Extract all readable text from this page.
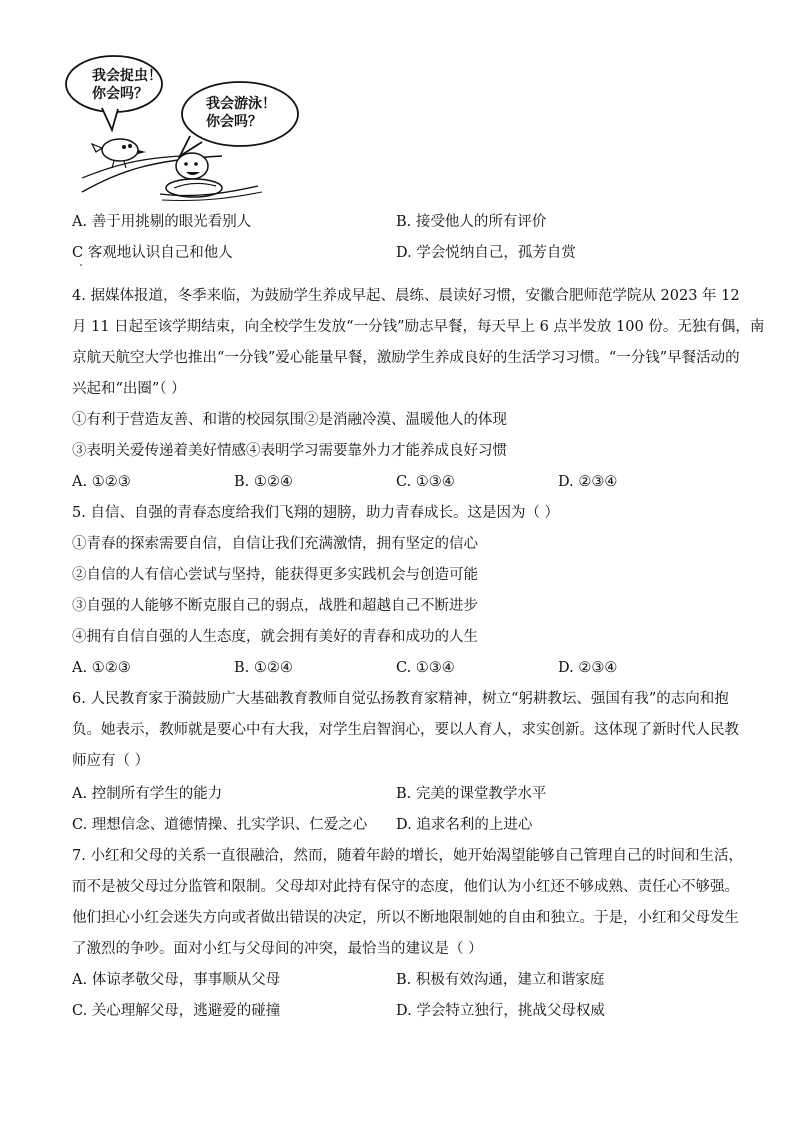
我会捉虫！
你会吗？
我会游泳！
你会吗？
A. 善于用挑剔的眼光看别人	B. 接受他人的所有评价
C 客观地认识自己和他人	D. 学会悦纳自己，孤芳自赏
4. 据媒体报道，冬季来临，为鼓励学生养成早起、晨练、晨读好习惯，安徽合肥师范学院从 2023 年 12
月 11 日起至该学期结束，向全校学生发放“一分钱”励志早餐，每天早上 6 点半发放 100 份。无独有偶，南
京航天航空大学也推出“一分钱”爱心能量早餐，激励学生养成良好的生活学习习惯。“一分钱”早餐活动的
兴起和“出圈”（ ）
①有利于营造友善、和谐的校园氛围②是消融冷漠、温暖他人的体现
③表明关爱传递着美好情感④表明学习需要靠外力才能养成良好习惯
A. ①②③	B. ①②④	C. ①③④	D. ②③④
5. 自信、自强的青春态度给我们飞翔的翅膀，助力青春成长。这是因为（ ）
①青春的探索需要自信，自信让我们充满激情，拥有坚定的信心
②自信的人有信心尝试与坚持，能获得更多实践机会与创造可能
③自强的人能够不断克服自己的弱点，战胜和超越自己不断进步
④拥有自信自强的人生态度，就会拥有美好的青春和成功的人生
A. ①②③	B. ①②④	C. ①③④	D. ②③④
6. 人民教育家于漪鼓励广大基础教育教师自觉弘扬教育家精神，树立“躬耕教坛、强国有我”的志向和抱
负。她表示，教师就是要心中有大我，对学生启智润心，要以人育人，求实创新。这体现了新时代人民教
师应有（ ）
A. 控制所有学生的能力	B. 完美的课堂教学水平
C. 理想信念、道德情操、扎实学识、仁爱之心 D. 追求名利的上进心
7. 小红和父母的关系一直很融洽，然而，随着年龄的增长，她开始渴望能够自己管理自己的时间和生活，
而不是被父母过分监管和限制。父母却对此持有保守的态度，他们认为小红还不够成熟、责任心不够强。
他们担心小红会迷失方向或者做出错误的决定，所以不断地限制她的自由和独立。于是，小红和父母发生
了激烈的争吵。面对小红与父母间的冲突，最恰当的建议是（ ）
A. 体谅孝敬父母，事事顺从父母	B. 积极有效沟通，建立和谐家庭
C. 关心理解父母，逃避爱的碰撞	D. 学会特立独行，挑战父母权威
